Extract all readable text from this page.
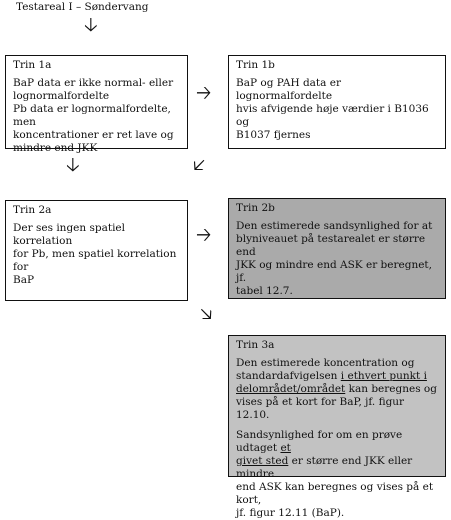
Testareal I – Søndervang
🡣
Trin 1a
BaP data er ikke normal- eller
lognormalfordelte
Pb data er lognormalfordelte, men
koncentrationer er ret lave og
mindre end JKK
🡢
Trin 1b
BaP og PAH data er lognormalfordelte
hvis afvigende høje værdier i B1036 og
B1037 fjernes
🡣	🡧
Trin 2a
Der ses ingen spatiel korrelation
for Pb, men spatiel korrelation for
BaP
🡢
Trin 2b
Den estimerede sandsynlighed for at
blyniveauet på testarealet er større end
JKK og mindre end ASK er beregnet, jf.
tabel 12.7.
🡦
Trin 3a

Den estimerede koncentration og
standardafvigelsen i ethvert punkt i
delområdet/området kan beregnes og
vises på et kort for BaP, jf. figur 12.10.

Sandsynlighed for om en prøve udtaget et
givet sted er større end JKK eller mindre
end ASK kan beregnes og vises på et kort,
jf. figur 12.11 (BaP).
